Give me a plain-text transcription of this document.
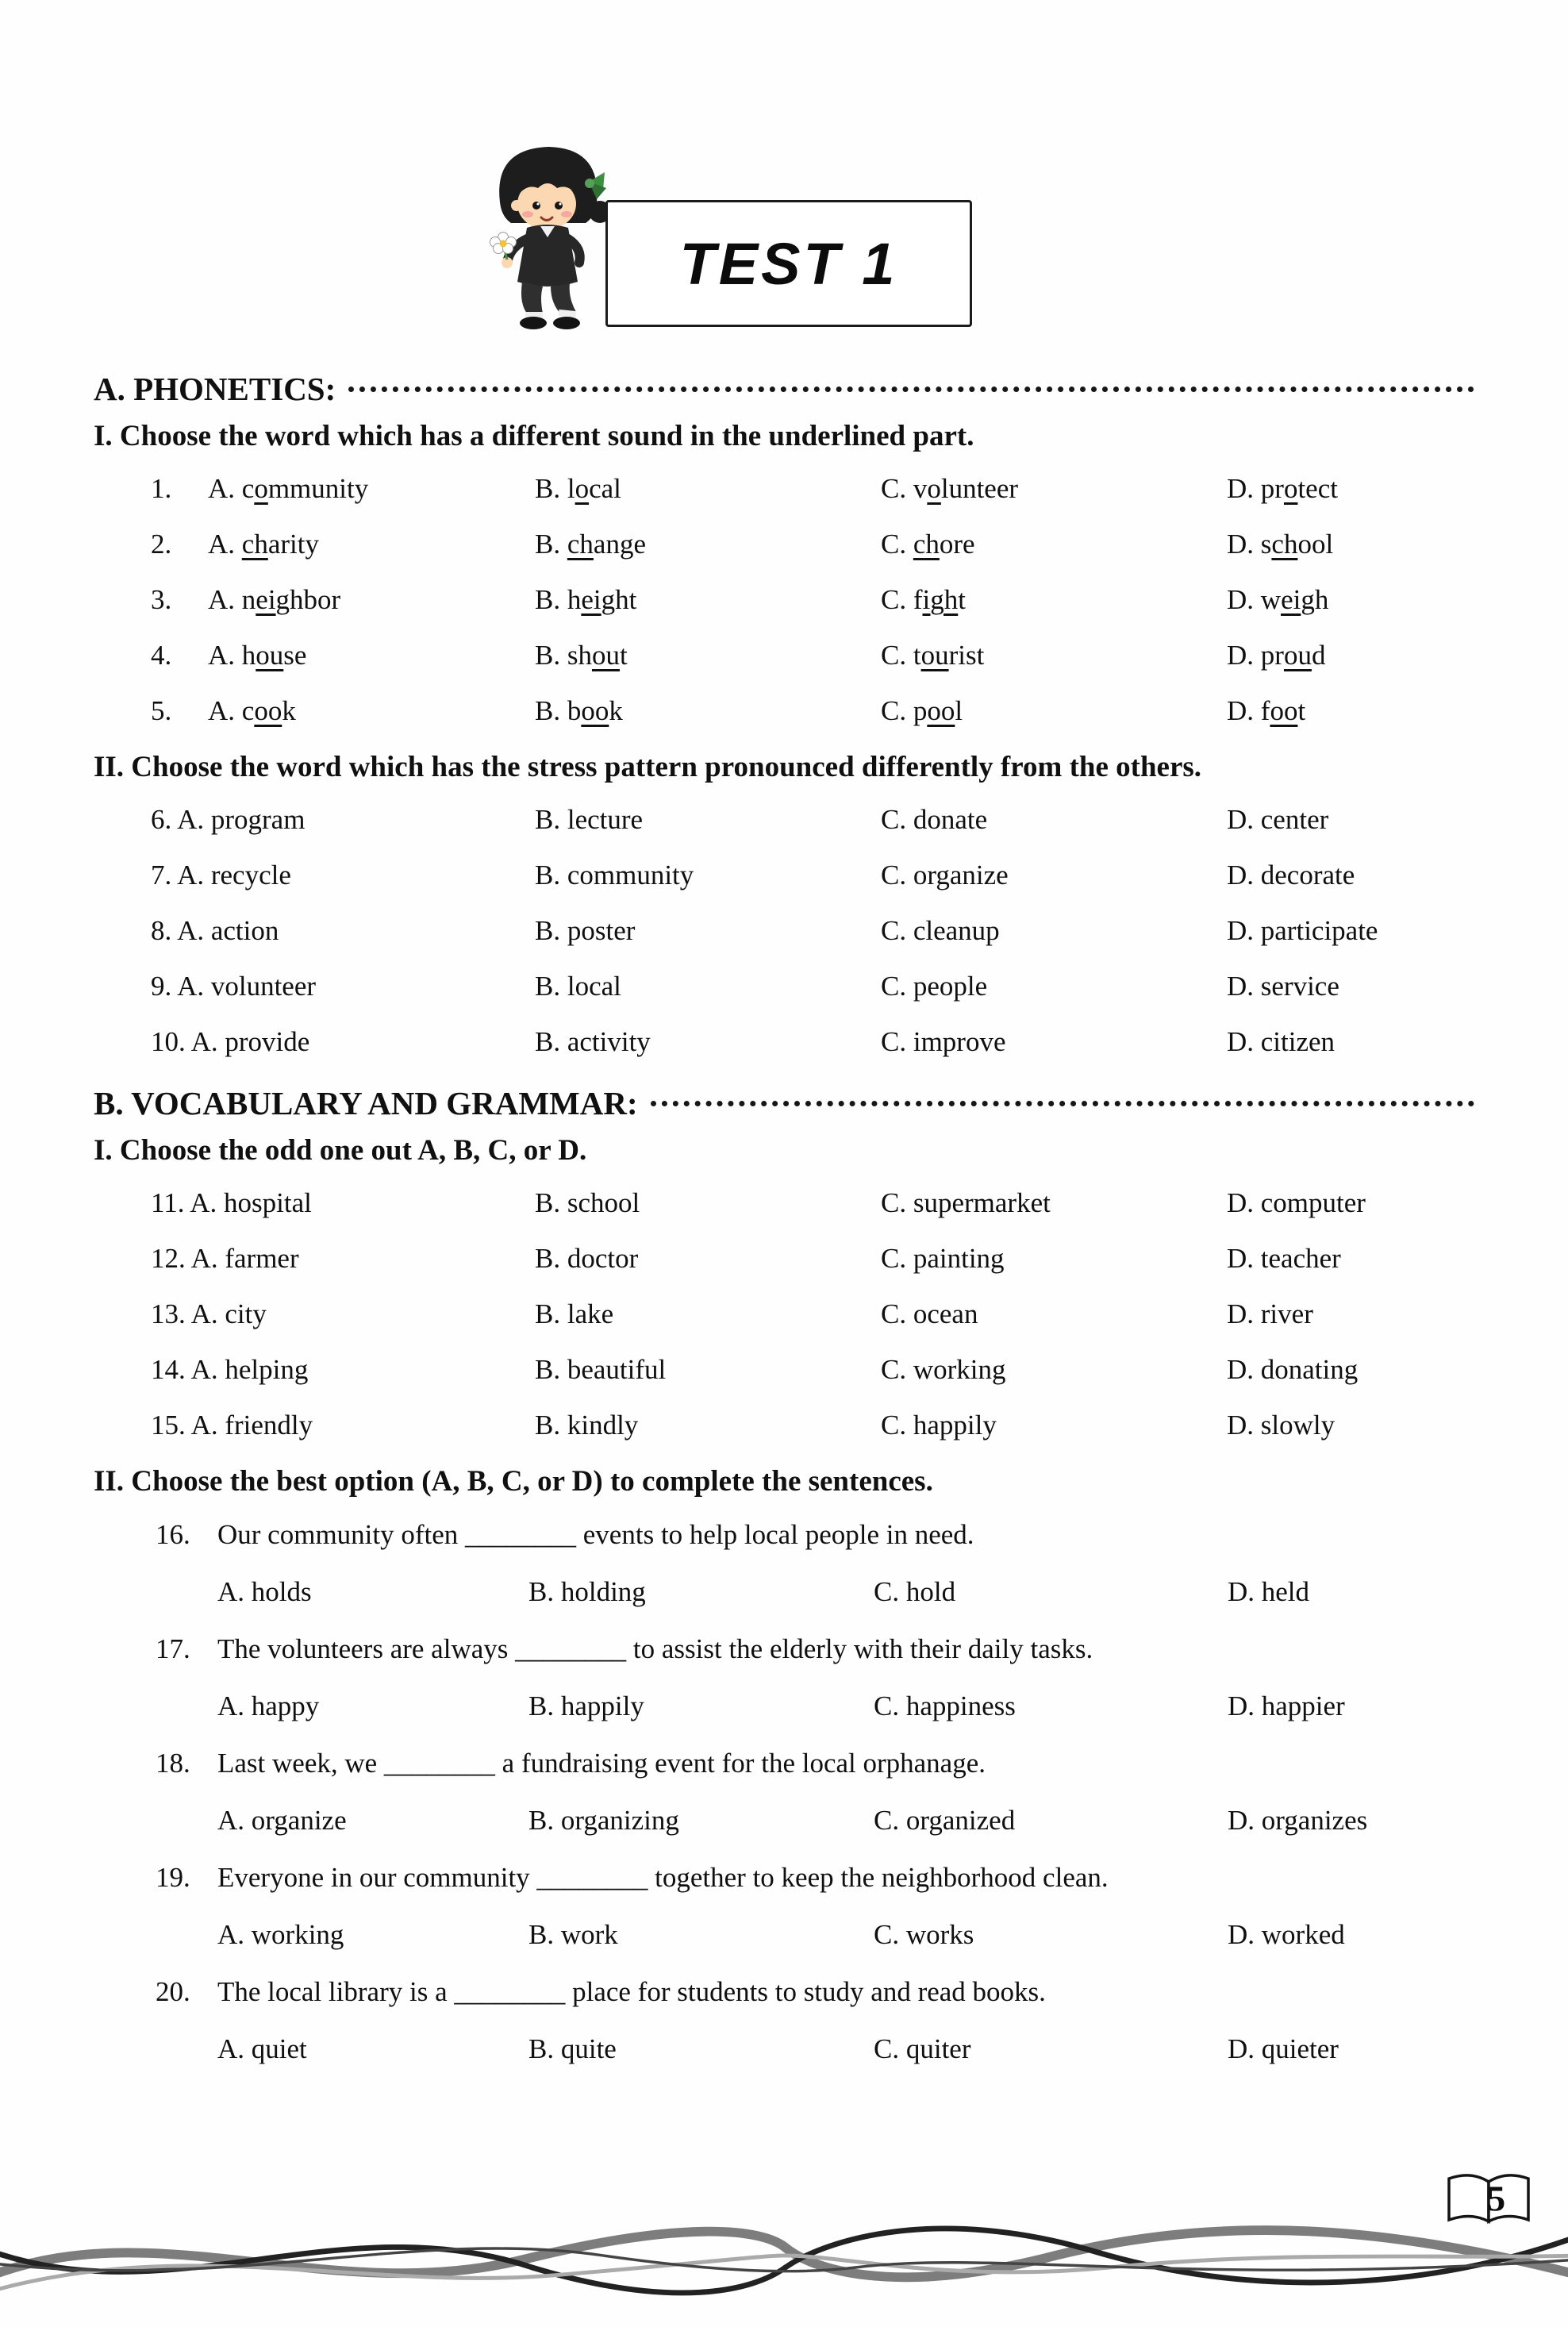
TEST 1
A. PHONETICS:

I. Choose the word which has a different sound in the underlined part.

1.	A. community	B. local	C. volunteer	D. protect
2.	A. charity	B. change	C. chore	D. school
3.	A. neighbor	B. height	C. fight	D. weigh
4.	A. house	B. shout	C. tourist	D. proud
5.	A. cook	B. book	C. pool	D. foot

II. Choose the word which has the stress pattern pronounced differently from the others.

6. A. program	B. lecture	C. donate	D. center
7. A. recycle	B. community	C. organize	D. decorate
8. A. action	B. poster	C. cleanup	D. participate
9. A. volunteer	B. local	C. people	D. service
10. A. provide	B. activity	C. improve	D. citizen
B. VOCABULARY AND GRAMMAR:

I. Choose the odd one out A, B, C, or D.

11. A. hospital	B. school	C. supermarket	D. computer
12. A. farmer	B. doctor	C. painting	D. teacher
13. A. city	B. lake	C. ocean	D. river
14. A. helping	B. beautiful	C. working	D. donating
15. A. friendly	B. kindly	C. happily	D. slowly

II. Choose the best option (A, B, C, or D) to complete the sentences.

16. Our community often ________ events to help local people in need.
A. holds	B. holding	C. hold	D. held
17. The volunteers are always ________ to assist the elderly with their daily tasks.
A. happy	B. happily	C. happiness	D. happier
18. Last week, we ________ a fundraising event for the local orphanage.
A. organize	B. organizing	C. organized	D. organizes
19. Everyone in our community ________ together to keep the neighborhood clean.
A. working	B. work	C. works	D. worked
20. The local library is a ________ place for students to study and read books.
A. quiet	B. quite	C. quiter	D. quieter
5
